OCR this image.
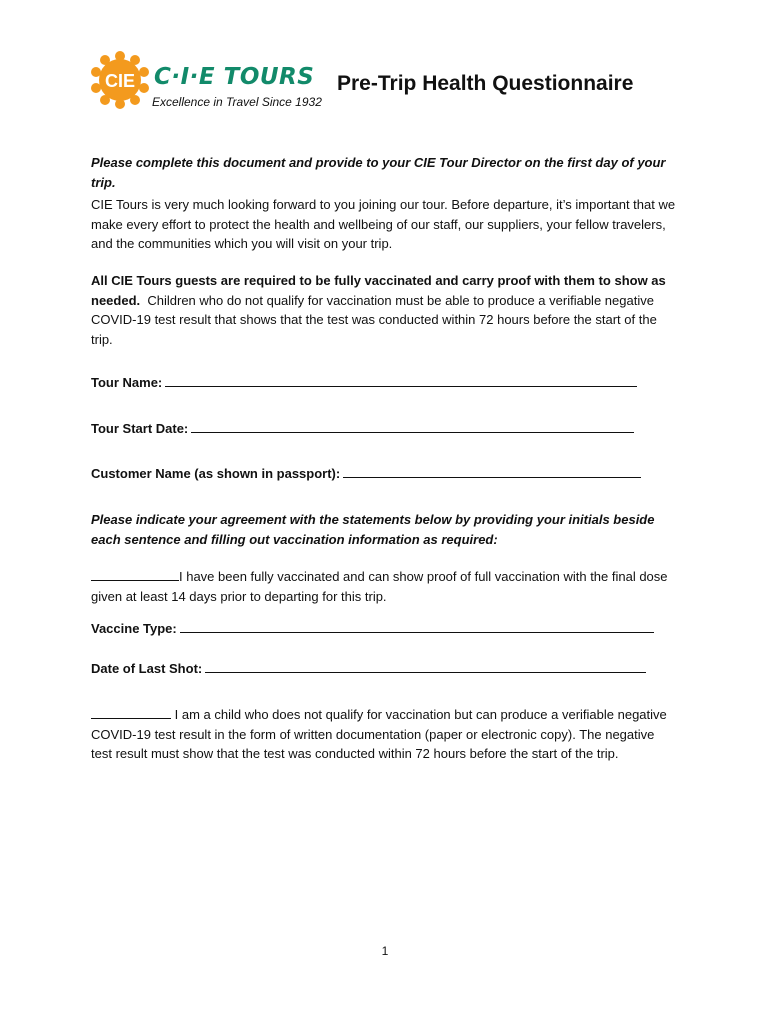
CIE C·I·E TOURS
Excellence in Travel Since 1932
Pre-Trip Health Questionnaire
Please complete this document and provide to your CIE Tour Director on the first day of your trip.
CIE Tours is very much looking forward to you joining our tour. Before departure, it’s important that we make every effort to protect the health and wellbeing of our staff, our suppliers, your fellow travelers, and the communities which you will visit on your trip.
All CIE Tours guests are required to be fully vaccinated and carry proof with them to show as needed. Children who do not qualify for vaccination must be able to produce a verifiable negative COVID-19 test result that shows that the test was conducted within 72 hours before the start of the trip.
Tour Name:
Tour Start Date:
Customer Name (as shown in passport):
Please indicate your agreement with the statements below by providing your initials beside each sentence and filling out vaccination information as required:
I have been fully vaccinated and can show proof of full vaccination with the final dose given at least 14 days prior to departing for this trip.
Vaccine Type:
Date of Last Shot:
I am a child who does not qualify for vaccination but can produce a verifiable negative COVID-19 test result in the form of written documentation (paper or electronic copy). The negative test result must show that the test was conducted within 72 hours before the start of the trip.
1
